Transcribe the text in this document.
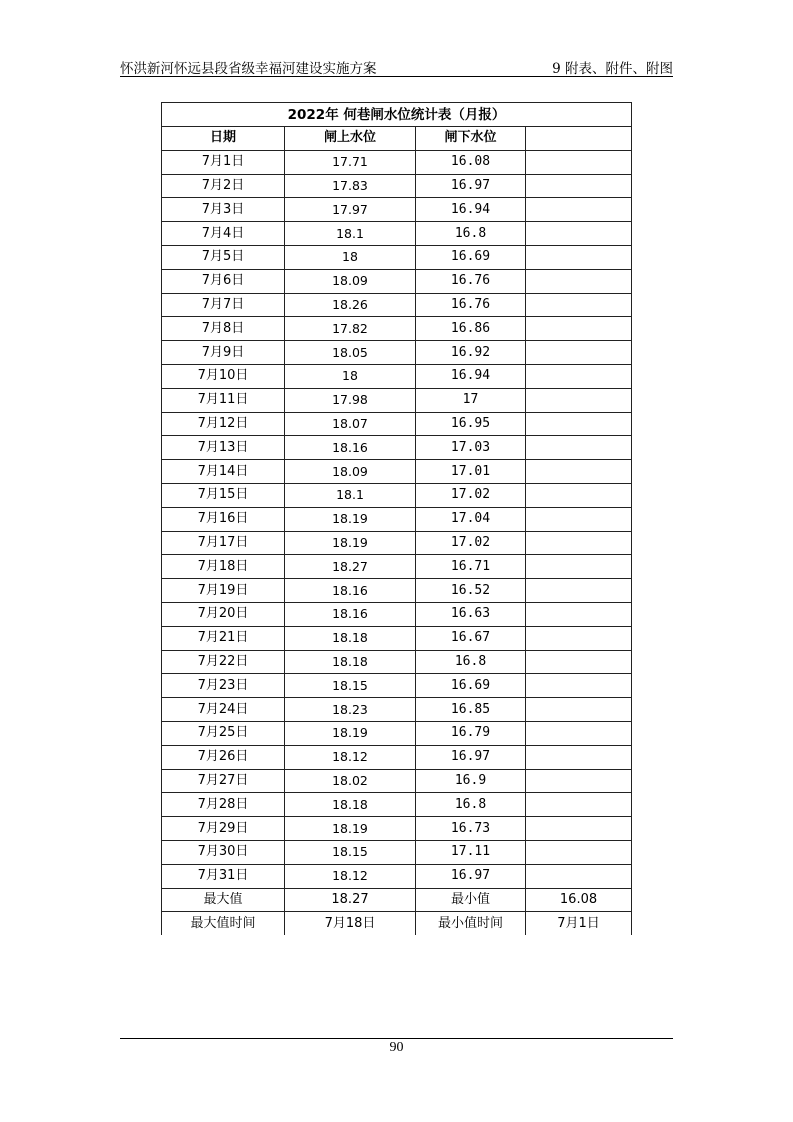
怀洪新河怀远县段省级幸福河建设实施方案	9 附表、附件、附图
2022年 何巷闸水位统计表（月报）			
日期	闸上水位	闸下水位	
7月1日	17.71	16.08	
7月2日	17.83	16.97	
7月3日	17.97	16.94	
7月4日	18.1	16.8	
7月5日	18	16.69	
7月6日	18.09	16.76	
7月7日	18.26	16.76	
7月8日	17.82	16.86	
7月9日	18.05	16.92	
7月10日	18	16.94	
7月11日	17.98	17	
7月12日	18.07	16.95	
7月13日	18.16	17.03	
7月14日	18.09	17.01	
7月15日	18.1	17.02	
7月16日	18.19	17.04	
7月17日	18.19	17.02	
7月18日	18.27	16.71	
7月19日	18.16	16.52	
7月20日	18.16	16.63	
7月21日	18.18	16.67	
7月22日	18.18	16.8	
7月23日	18.15	16.69	
7月24日	18.23	16.85	
7月25日	18.19	16.79	
7月26日	18.12	16.97	
7月27日	18.02	16.9	
7月28日	18.18	16.8	
7月29日	18.19	16.73	
7月30日	18.15	17.11	
7月31日	18.12	16.97	
最大值	18.27	最小值	16.08
最大值时间	7月18日	最小值时间	7月1日
90
